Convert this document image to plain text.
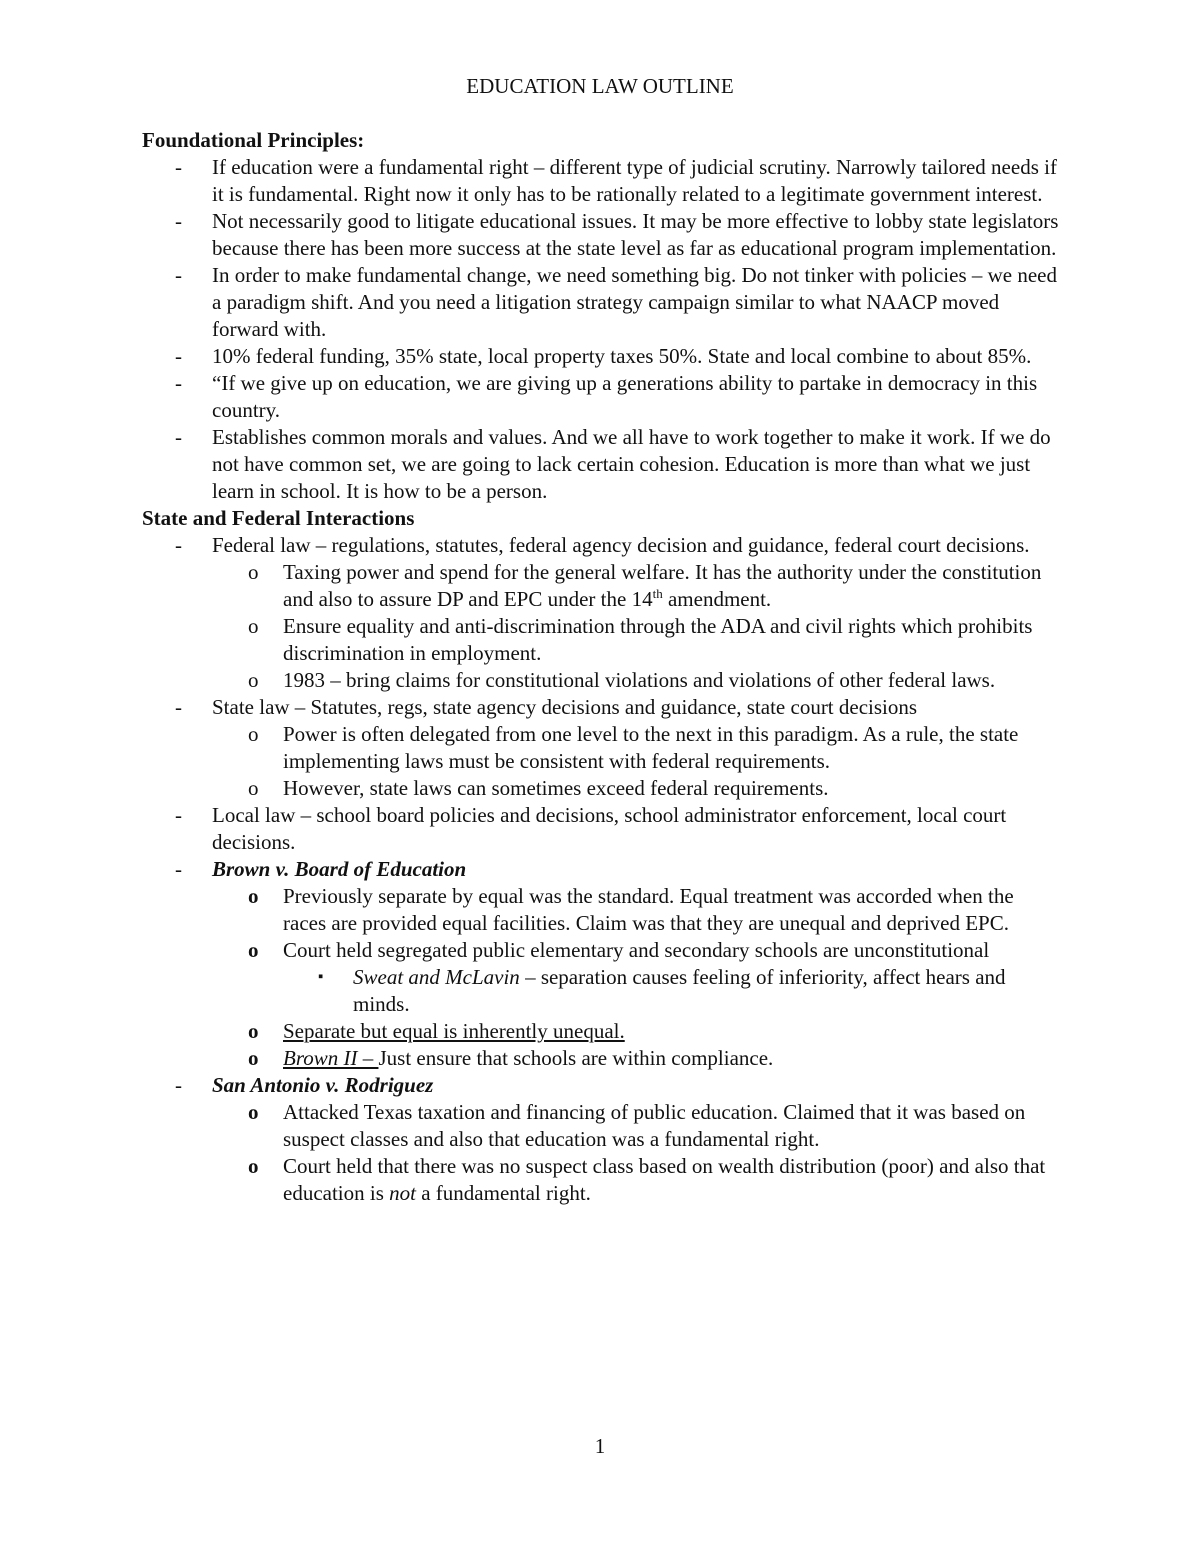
EDUCATION LAW OUTLINE
Foundational Principles:
- If education were a fundamental right – different type of judicial scrutiny. Narrowly tailored needs if it is fundamental. Right now it only has to be rationally related to a legitimate government interest.
- Not necessarily good to litigate educational issues. It may be more effective to lobby state legislators because there has been more success at the state level as far as educational program implementation.
- In order to make fundamental change, we need something big. Do not tinker with policies – we need a paradigm shift. And you need a litigation strategy campaign similar to what NAACP moved forward with.
- 10% federal funding, 35% state, local property taxes 50%. State and local combine to about 85%.
- “If we give up on education, we are giving up a generations ability to partake in democracy in this country.
- Establishes common morals and values. And we all have to work together to make it work. If we do not have common set, we are going to lack certain cohesion. Education is more than what we just learn in school. It is how to be a person.
State and Federal Interactions
- Federal law – regulations, statutes, federal agency decision and guidance, federal court decisions.
o Taxing power and spend for the general welfare. It has the authority under the constitution and also to assure DP and EPC under the 14th amendment.
o Ensure equality and anti-discrimination through the ADA and civil rights which prohibits discrimination in employment.
o 1983 – bring claims for constitutional violations and violations of other federal laws.
- State law – Statutes, regs, state agency decisions and guidance, state court decisions
o Power is often delegated from one level to the next in this paradigm. As a rule, the state implementing laws must be consistent with federal requirements.
o However, state laws can sometimes exceed federal requirements.
- Local law – school board policies and decisions, school administrator enforcement, local court decisions.
- Brown v. Board of Education
o Previously separate by equal was the standard. Equal treatment was accorded when the races are provided equal facilities. Claim was that they are unequal and deprived EPC.
o Court held segregated public elementary and secondary schools are unconstitutional
▪ Sweat and McLavin – separation causes feeling of inferiority, affect hears and minds.
o Separate but equal is inherently unequal.
o Brown II – Just ensure that schools are within compliance.
- San Antonio v. Rodriguez
o Attacked Texas taxation and financing of public education. Claimed that it was based on suspect classes and also that education was a fundamental right.
o Court held that there was no suspect class based on wealth distribution (poor) and also that education is not a fundamental right.
1
